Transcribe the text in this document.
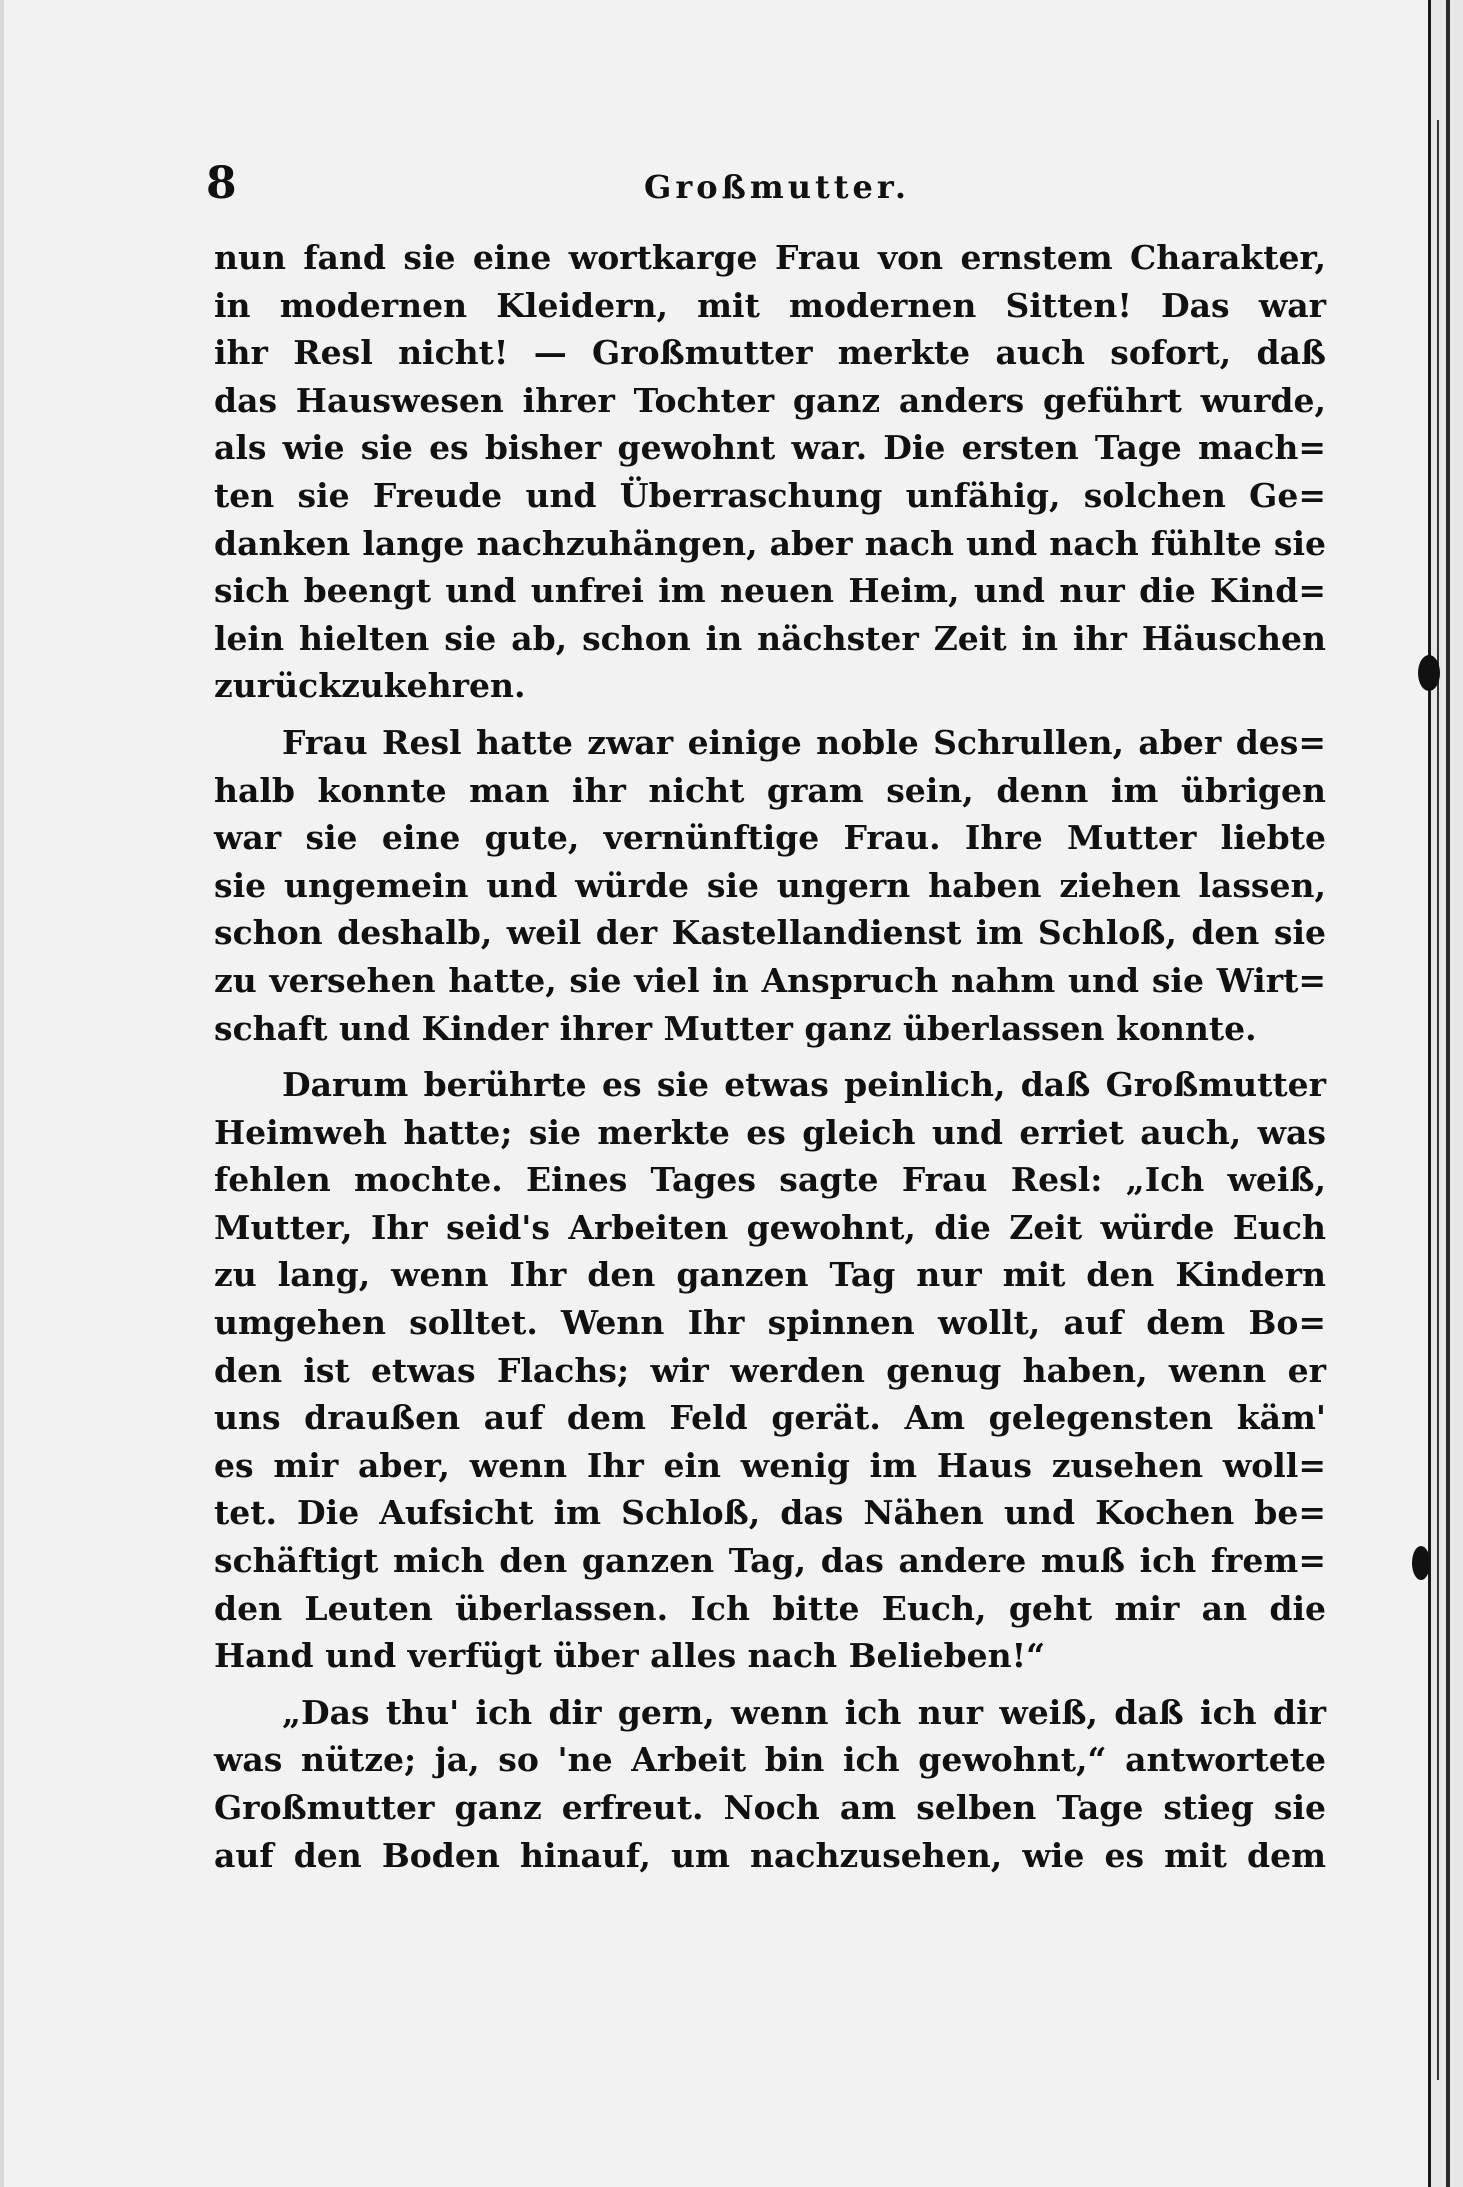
8	Großmutter.

nun fand sie eine wortkarge Frau von ernstem Charakter,
in modernen Kleidern, mit modernen Sitten! Das war
ihr Resl nicht! — Großmutter merkte auch sofort, daß
das Hauswesen ihrer Tochter ganz anders geführt wurde,
als wie sie es bisher gewohnt war. Die ersten Tage mach=
ten sie Freude und Überraschung unfähig, solchen Ge=
danken lange nachzuhängen, aber nach und nach fühlte sie
sich beengt und unfrei im neuen Heim, und nur die Kind=
lein hielten sie ab, schon in nächster Zeit in ihr Häuschen
zurückzukehren.

Frau Resl hatte zwar einige noble Schrullen, aber des=
halb konnte man ihr nicht gram sein, denn im übrigen
war sie eine gute, vernünftige Frau. Ihre Mutter liebte
sie ungemein und würde sie ungern haben ziehen lassen,
schon deshalb, weil der Kastellandienst im Schloß, den sie
zu versehen hatte, sie viel in Anspruch nahm und sie Wirt=
schaft und Kinder ihrer Mutter ganz überlassen konnte.

Darum berührte es sie etwas peinlich, daß Großmutter
Heimweh hatte; sie merkte es gleich und erriet auch, was
fehlen mochte. Eines Tages sagte Frau Resl: „Ich weiß,
Mutter, Ihr seid's Arbeiten gewohnt, die Zeit würde Euch
zu lang, wenn Ihr den ganzen Tag nur mit den Kindern
umgehen solltet. Wenn Ihr spinnen wollt, auf dem Bo=
den ist etwas Flachs; wir werden genug haben, wenn er
uns draußen auf dem Feld gerät. Am gelegensten käm'
es mir aber, wenn Ihr ein wenig im Haus zusehen woll=
tet. Die Aufsicht im Schloß, das Nähen und Kochen be=
schäftigt mich den ganzen Tag, das andere muß ich frem=
den Leuten überlassen. Ich bitte Euch, geht mir an die
Hand und verfügt über alles nach Belieben!“

„Das thu' ich dir gern, wenn ich nur weiß, daß ich dir
was nütze; ja, so 'ne Arbeit bin ich gewohnt,“ antwortete
Großmutter ganz erfreut. Noch am selben Tage stieg sie
auf den Boden hinauf, um nachzusehen, wie es mit dem
